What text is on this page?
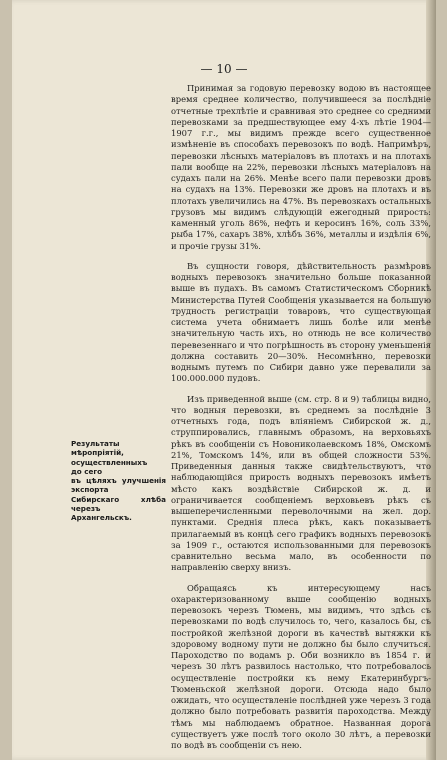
— 10 —

Принимая за годовую перевозку водою въ настоящее время среднее количество, получившееся за послѣдніе отчетные трехлѣтіе и сравнивая это среднее со средними перевозками за предшествующее ему 4-хъ лѣтіе 1904—1907 г.г., мы видимъ прежде всего существенное измѣненіе въ способахъ перевозокъ по водѣ. Напримѣръ, перевозки лѣсныхъ матеріаловъ въ плотахъ и на плотахъ пали вообще на 22%, перевозки лѣсныхъ матеріаловъ на судахъ пали на 26%. Менѣе всего пали перевозки дровъ на судахъ на 13%. Перевозки же дровъ на плотахъ и въ плотахъ увеличились на 47%. Въ перевозкахъ остальныхъ грузовъ мы видимъ слѣдующій ежегодный прирость: каменный уголь 86%, нефть и керосинъ 16%, соль 33%, рыба 17%, сахаръ 38%, хлѣбъ 36%, металлы и издѣлія 6%, и прочіе грузы 31%.

Въ сущности говоря, дѣйствительность размѣровъ водныхъ перевозокъ значительно больше показанной выше въ пудахъ. Въ самомъ Статистическомъ Сборникѣ Министерства Путей Сообщенія указывается на большую трудность регистраціи товаровъ, что существующая система учета обнимаетъ лишь болѣе или менѣе значительную часть ихъ, но отнюдь не все количество перевезеннаго и что погрѣшность въ сторону уменьшенія должна составить 20—30%. Несомнѣнно, перевозки воднымъ путемъ по Сибири давно уже перевалили за 100.000.000 пудовъ.

Изъ приведенной выше (см. стр. 8 и 9) таблицы видно, что водныя перевозки, въ среднемъ за послѣдніе 3 отчетныхъ года, подъ вліяніемъ Сибирской ж. д., струппировались, главнымъ образомъ, на верховьяхъ рѣкъ въ сообщеніи съ Новониколаевскомъ 18%, Омскомъ 21%, Томскомъ 14%, или въ общей сложности 53%. Приведенныя данныя также свидѣтельствуютъ, что наблюдающійся прирость водныхъ перевозокъ имѣетъ мѣсто какъ воздѣйствіе Сибирской ж. д. и ограничивается сообщеніемъ верховьевъ рѣкъ съ вышеперечисленными переволочными на жел. дор. пунктами. Среднія плеса рѣкъ, какъ показываетъ прилагаемый въ концѣ сего графикъ водныхъ перевозокъ за 1909 г., остаются использованными для перевозокъ сравнительно весьма мало, въ особенности по направленію сверху внизъ.

Обращаясь къ интересующему насъ охарактеризованному выше сообщенію водныхъ перевозокъ черезъ Тюмень, мы видимъ, что здѣсь съ перевозками по водѣ случилось то, чего, казалось бы, съ постройкой желѣзной дороги въ качествѣ вытяжки къ здоровому водному пути не должно бы было случиться. Пароходство по водамъ р. Оби возникло въ 1854 г. и черезъ 30 лѣтъ развилось настолько, что потребовалось осуществленіе постройки къ нему Екатеринбургъ-Тюменьской желѣзной дороги. Отсюда надо было ожидать, что осуществленіе послѣдней уже черезъ 3 года должно было потребовать развитія пароходства. Между тѣмъ мы наблюдаемъ обратное. Названная дорога существуетъ уже послѣ того около 30 лѣтъ, а перевозки по водѣ въ сообщеніи съ нею.

Результаты
мѣропріятій,
осуществленныхъ
до сего
въ цѣляхъ улучшенія экспорта
Сибирскаго хлѣба черезъ
Архангельскъ.
